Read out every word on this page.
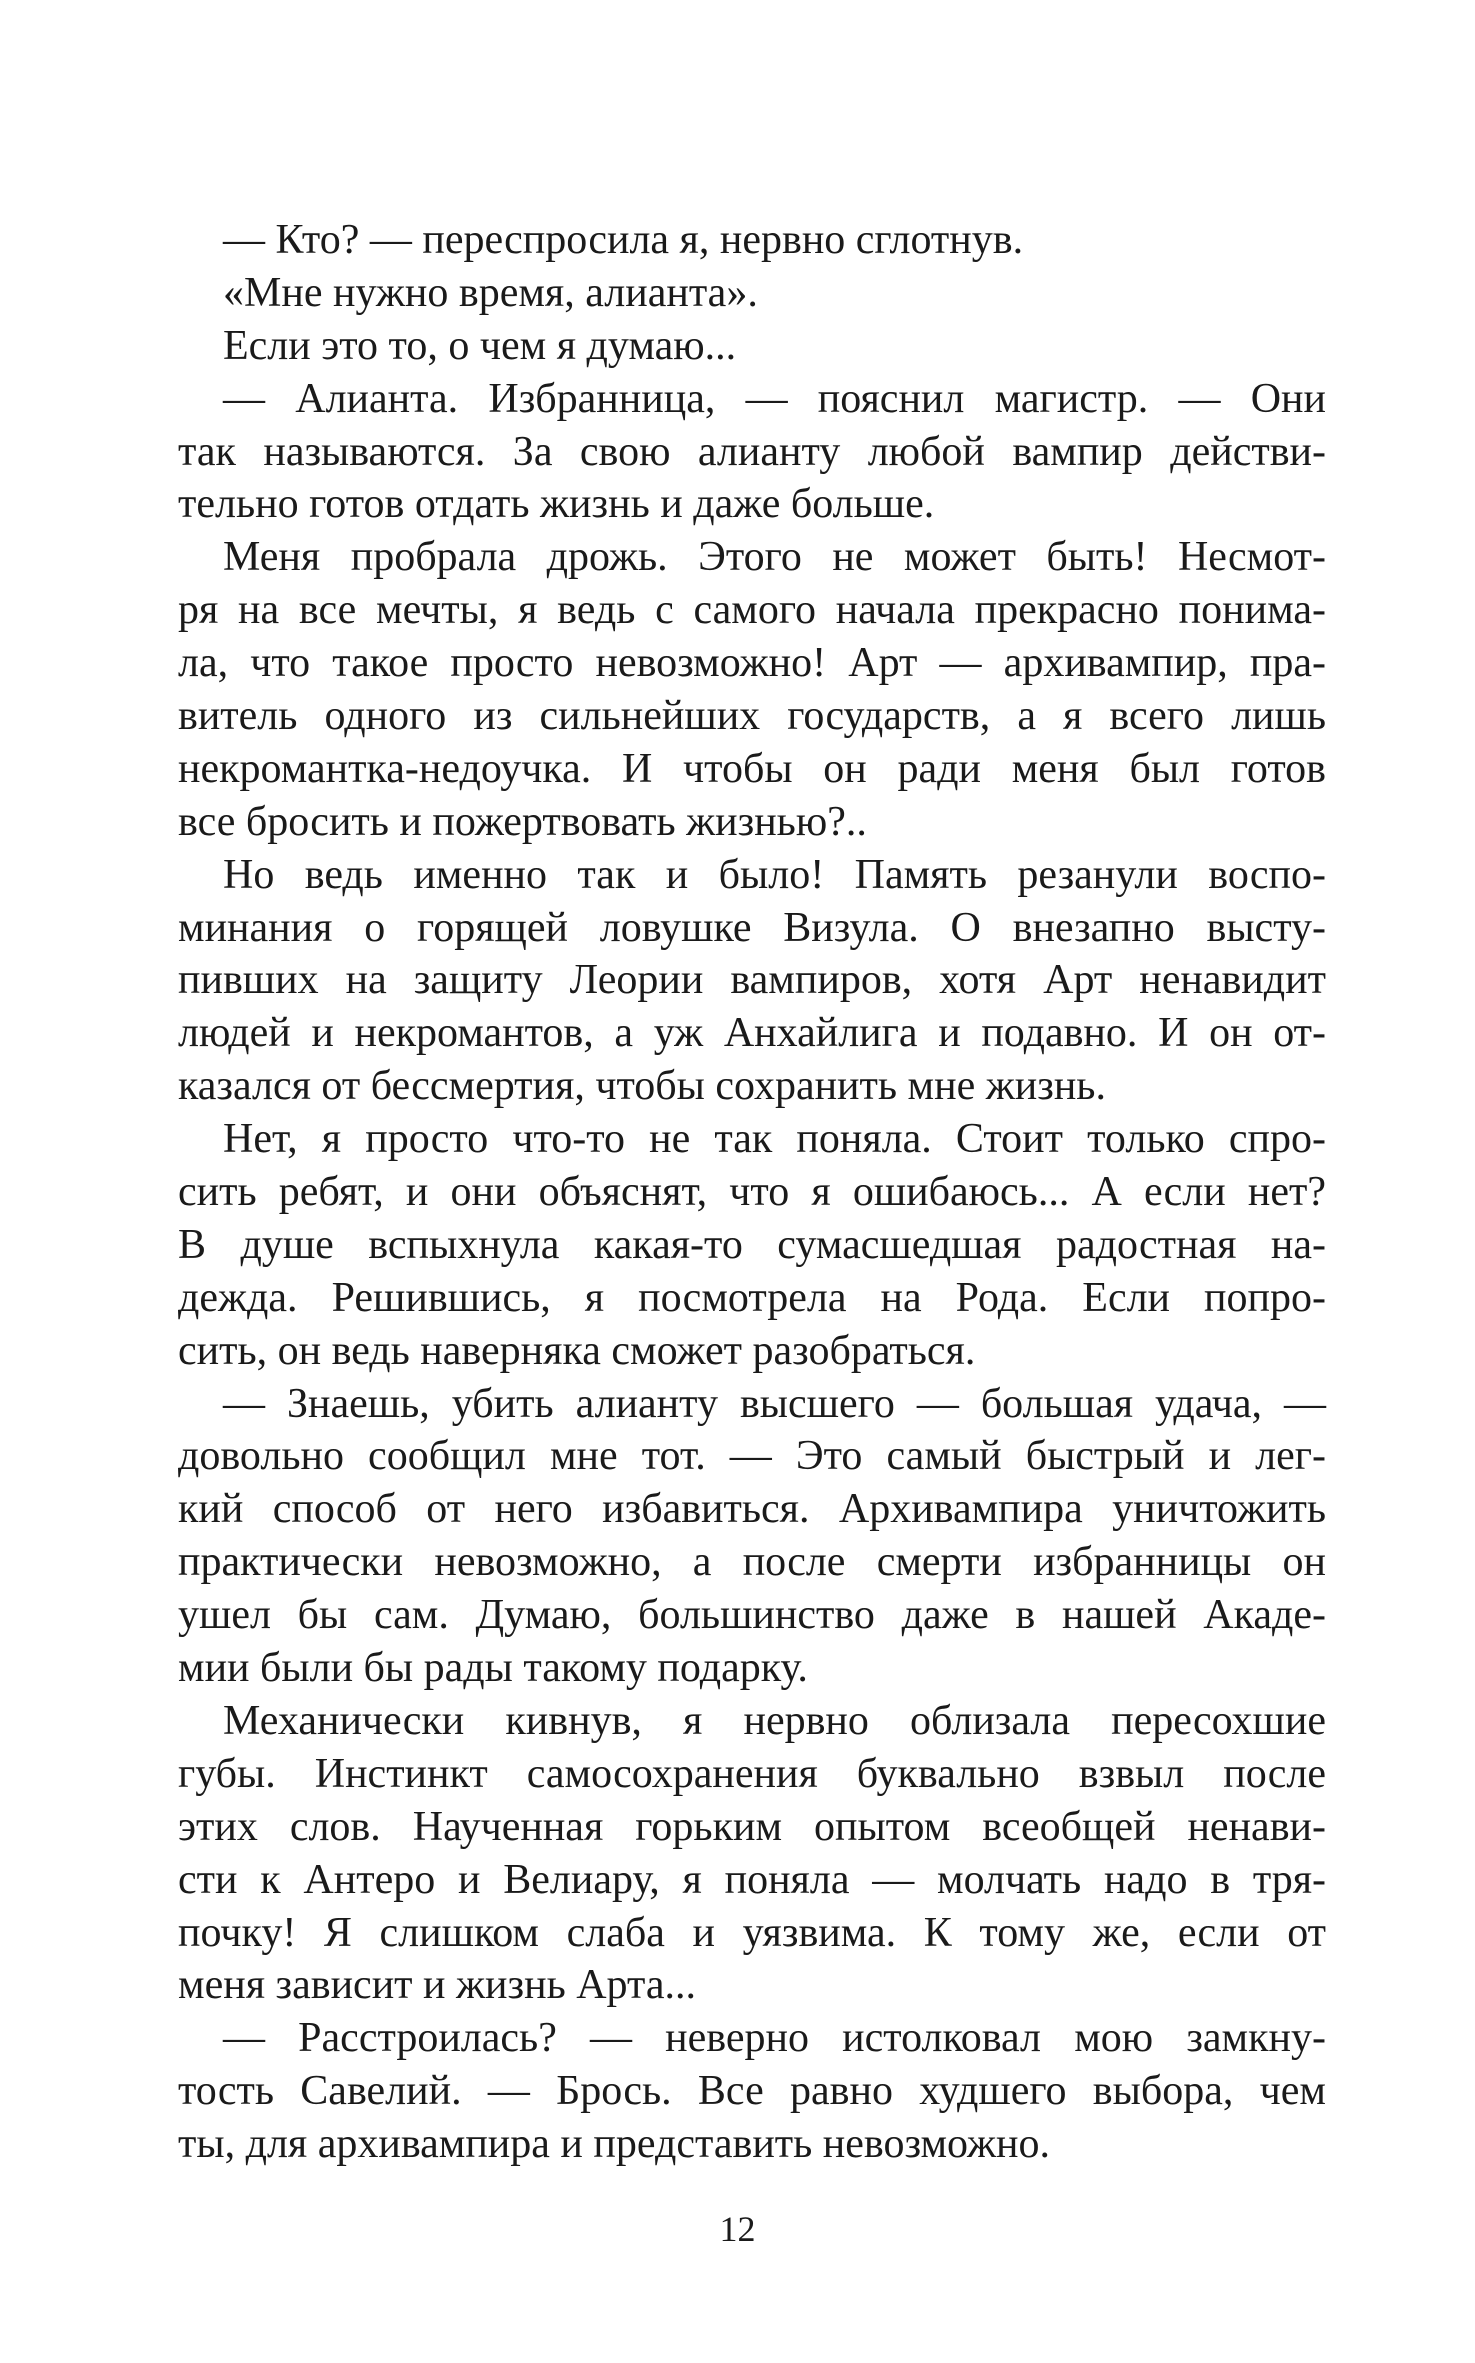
— Кто? — переспросила я, нервно сглотнув.
«Мне нужно время, алианта».
Если это то, о чем я думаю...
— Алианта. Избранница, — пояснил магистр. — Они
так называются. За свою алианту любой вампир действи-
тельно готов отдать жизнь и даже больше.
Меня пробрала дрожь. Этого не может быть! Несмот-
ря на все мечты, я ведь с самого начала прекрасно понима-
ла, что такое просто невозможно! Арт — архивампир, пра-
витель одного из сильнейших государств, а я всего лишь
некромантка-недоучка. И чтобы он ради меня был готов
все бросить и пожертвовать жизнью?..
Но ведь именно так и было! Память резанули воспо-
минания о горящей ловушке Визула. О внезапно высту-
пивших на защиту Леории вампиров, хотя Арт ненавидит
людей и некромантов, а уж Анхайлига и подавно. И он от-
казался от бессмертия, чтобы сохранить мне жизнь.
Нет, я просто что-то не так поняла. Стоит только спро-
сить ребят, и они объяснят, что я ошибаюсь... А если нет?
В душе вспыхнула какая-то сумасшедшая радостная на-
дежда. Решившись, я посмотрела на Рода. Если попро-
сить, он ведь наверняка сможет разобраться.
— Знаешь, убить алианту высшего — большая удача, —
довольно сообщил мне тот. — Это самый быстрый и лег-
кий способ от него избавиться. Архивампира уничтожить
практически невозможно, а после смерти избранницы он
ушел бы сам. Думаю, большинство даже в нашей Акаде-
мии были бы рады такому подарку.
Механически кивнув, я нервно облизала пересохшие
губы. Инстинкт самосохранения буквально взвыл после
этих слов. Наученная горьким опытом всеобщей ненави-
сти к Антеро и Велиару, я поняла — молчать надо в тря-
почку! Я слишком слаба и уязвима. К тому же, если от
меня зависит и жизнь Арта...
— Расстроилась? — неверно истолковал мою замкну-
тость Савелий. — Брось. Все равно худшего выбора, чем
ты, для архивампира и представить невозможно.
12
